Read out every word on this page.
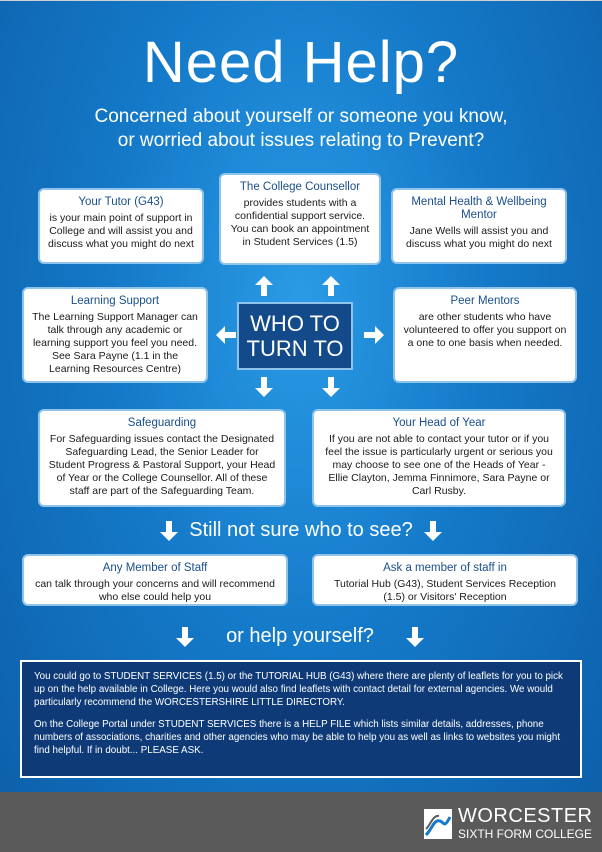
Need Help?
Concerned about yourself or someone you know,
or worried about issues relating to Prevent?
Your Tutor (G43)
is your main point of support in College and will assist you and discuss what you might do next
The College Counsellor
provides students with a confidential support service. You can book an appointment in Student Services (1.5)
Mental Health & Wellbeing Mentor
Jane Wells will assist you and discuss what you might do next
Learning Support
The Learning Support Manager can talk through any academic or learning support you feel you need. See Sara Payne (1.1 in the Learning Resources Centre)
WHO TO
TURN TO
Peer Mentors
are other students who have volunteered to offer you support on a one to one basis when needed.
Safeguarding
For Safeguarding issues contact the Designated Safeguarding Lead, the Senior Leader for Student Progress & Pastoral Support, your Head of Year or the College Counsellor. All of these staff are part of the Safeguarding Team.
Your Head of Year
If you are not able to contact your tutor or if you feel the issue is particularly urgent or serious you may choose to see one of the Heads of Year - Ellie Clayton, Jemma Finnimore, Sara Payne or Carl Rusby.
Still not sure who to see?
Any Member of Staff
can talk through your concerns and will recommend who else could help you
Ask a member of staff in
Tutorial Hub (G43), Student Services Reception (1.5) or Visitors' Reception
or help yourself?

You could go to STUDENT SERVICES (1.5) or the TUTORIAL HUB (G43) where there are plenty of leaflets for you to pick up on the help available in College. Here you would also find leaflets with contact detail for external agencies. We would particularly recommend the WORCESTERSHIRE LITTLE DIRECTORY.

On the College Portal under STUDENT SERVICES there is a HELP FILE which lists similar details, addresses, phone numbers of associations, charities and other agencies who may be able to help you as well as links to websites you might find helpful. If in doubt... PLEASE ASK.

WORCESTER
SIXTH FORM COLLEGE
